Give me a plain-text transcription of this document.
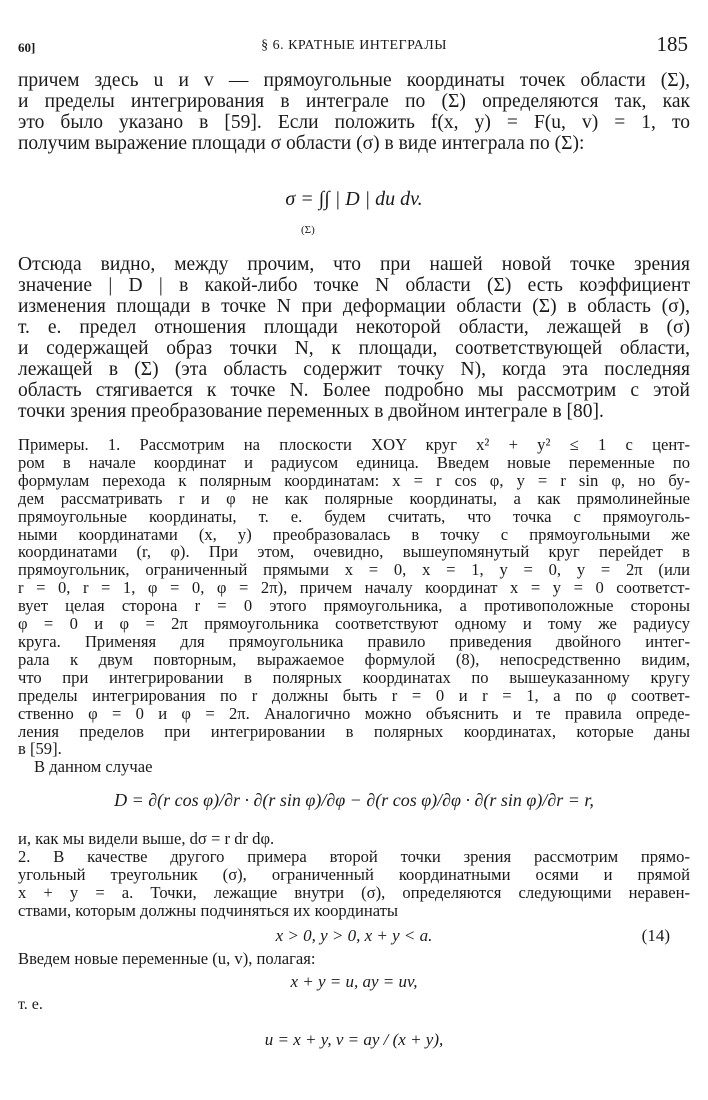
60]	§ 6. КРАТНЫЕ ИНТЕГРАЛЫ	185

причем здесь u и v — прямоугольные координаты точек области (Σ),

и пределы интегрирования в интеграле по (Σ) определяются так, как

это было указано в [59]. Если положить f(x, y) = F(u, v) = 1, то

получим выражение площади σ области (σ) в виде интеграла по (Σ):

σ = ∫∫ | D | du dv.
(Σ)

Отсюда видно, между прочим, что при нашей новой точке зрения

значение | D | в какой-либо точке N области (Σ) есть коэффициент

изменения площади в точке N при деформации области (Σ) в область (σ),

т. е. предел отношения площади некоторой области, лежащей в (σ)

и содержащей образ точки N, к площади, соответствующей области,

лежащей в (Σ) (эта область содержит точку N), когда эта последняя

область стягивается к точке N. Более подробно мы рассмотрим с этой

точки зрения преобразование переменных в двойном интеграле в [80].

Примеры. 1. Рассмотрим на плоскости XOY круг x² + y² ≤ 1 с цент-

ром в начале координат и радиусом единица. Введем новые переменные по

формулам перехода к полярным координатам: x = r cos φ, y = r sin φ, но бу-

дем рассматривать r и φ не как полярные координаты, а как прямолинейные

прямоугольные координаты, т. е. будем считать, что точка с прямоуголь-

ными координатами (x, y) преобразовалась в точку с прямоугольными же

координатами (r, φ). При этом, очевидно, вышеупомянутый круг перейдет в

прямоугольник, ограниченный прямыми x = 0, x = 1, y = 0, y = 2π (или

r = 0, r = 1, φ = 0, φ = 2π), причем началу координат x = y = 0 соответст-

вует целая сторона r = 0 этого прямоугольника, а противоположные стороны

φ = 0 и φ = 2π прямоугольника соответствуют одному и тому же радиусу

круга. Применяя для прямоугольника правило приведения двойного интег-

рала к двум повторным, выражаемое формулой (8), непосредственно видим,

что при интегрировании в полярных координатах по вышеуказанному кругу

пределы интегрирования по r должны быть r = 0 и r = 1, а по φ соответ-

ственно φ = 0 и φ = 2π. Аналогично можно объяснить и те правила опреде-

ления пределов при интегрировании в полярных координатах, которые даны

в [59].

В данном случае

D = ∂(r cos φ)/∂r · ∂(r sin φ)/∂φ − ∂(r cos φ)/∂φ · ∂(r sin φ)/∂r = r,

и, как мы видели выше, dσ = r dr dφ.

2. В качестве другого примера второй точки зрения рассмотрим прямо-

угольный треугольник (σ), ограниченный координатными осями и прямой

x + y = a. Точки, лежащие внутри (σ), определяются следующими неравен-

ствами, которым должны подчиняться их координаты

x > 0, y > 0, x + y < a.	(14)

Введем новые переменные (u, v), полагая:

x + y = u, ay = uv,
т. е.
u = x + y, v = ay / (x + y),
